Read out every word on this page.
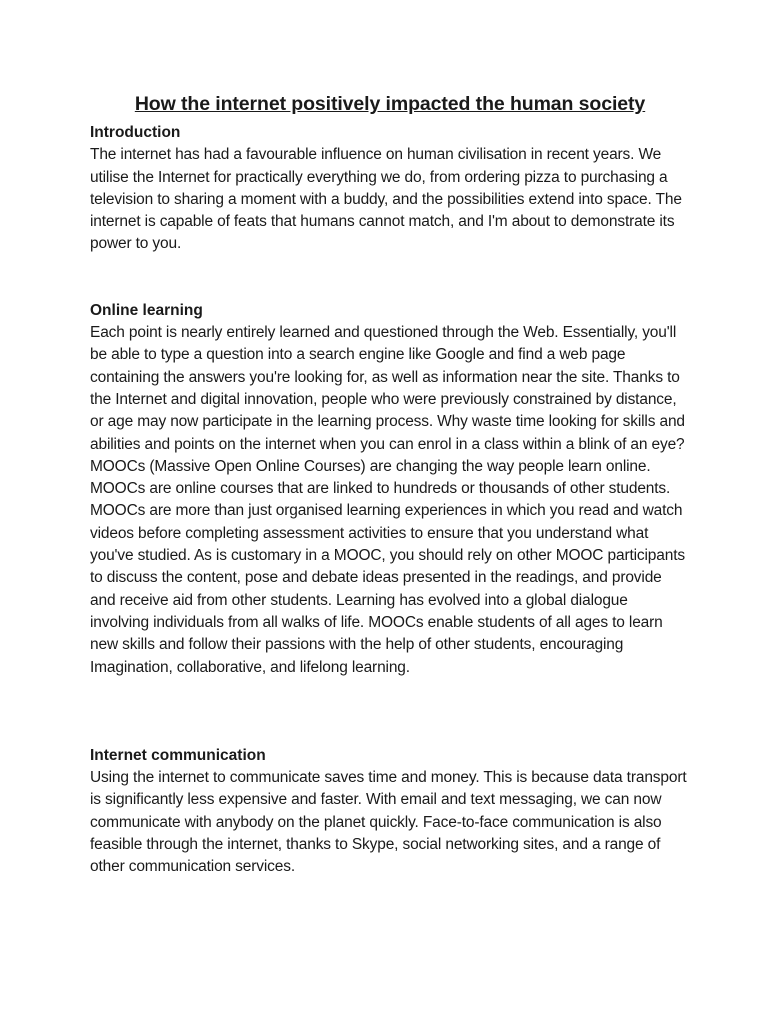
How the internet positively impacted the human society
Introduction

The internet has had a favourable influence on human civilisation in recent years. We utilise the Internet for practically everything we do, from ordering pizza to purchasing a television to sharing a moment with a buddy, and the possibilities extend into space. The internet is capable of feats that humans cannot match, and I'm about to demonstrate its power to you.

Online learning

Each point is nearly entirely learned and questioned through the Web. Essentially, you'll be able to type a question into a search engine like Google and find a web page containing the answers you're looking for, as well as information near the site. Thanks to the Internet and digital innovation, people who were previously constrained by distance, or age may now participate in the learning process. Why waste time looking for skills and abilities and points on the internet when you can enrol in a class within a blink of an eye? MOOCs (Massive Open Online Courses) are changing the way people learn online. MOOCs are online courses that are linked to hundreds or thousands of other students. MOOCs are more than just organised learning experiences in which you read and watch videos before completing assessment activities to ensure that you understand what you've studied. As is customary in a MOOC, you should rely on other MOOC participants to discuss the content, pose and debate ideas presented in the readings, and provide and receive aid from other students. Learning has evolved into a global dialogue involving individuals from all walks of life. MOOCs enable students of all ages to learn new skills and follow their passions with the help of other students, encouraging Imagination, collaborative, and lifelong learning.

Internet communication

Using the internet to communicate saves time and money. This is because data transport is significantly less expensive and faster. With email and text messaging, we can now communicate with anybody on the planet quickly. Face-to-face communication is also feasible through the internet, thanks to Skype, social networking sites, and a range of other communication services.
